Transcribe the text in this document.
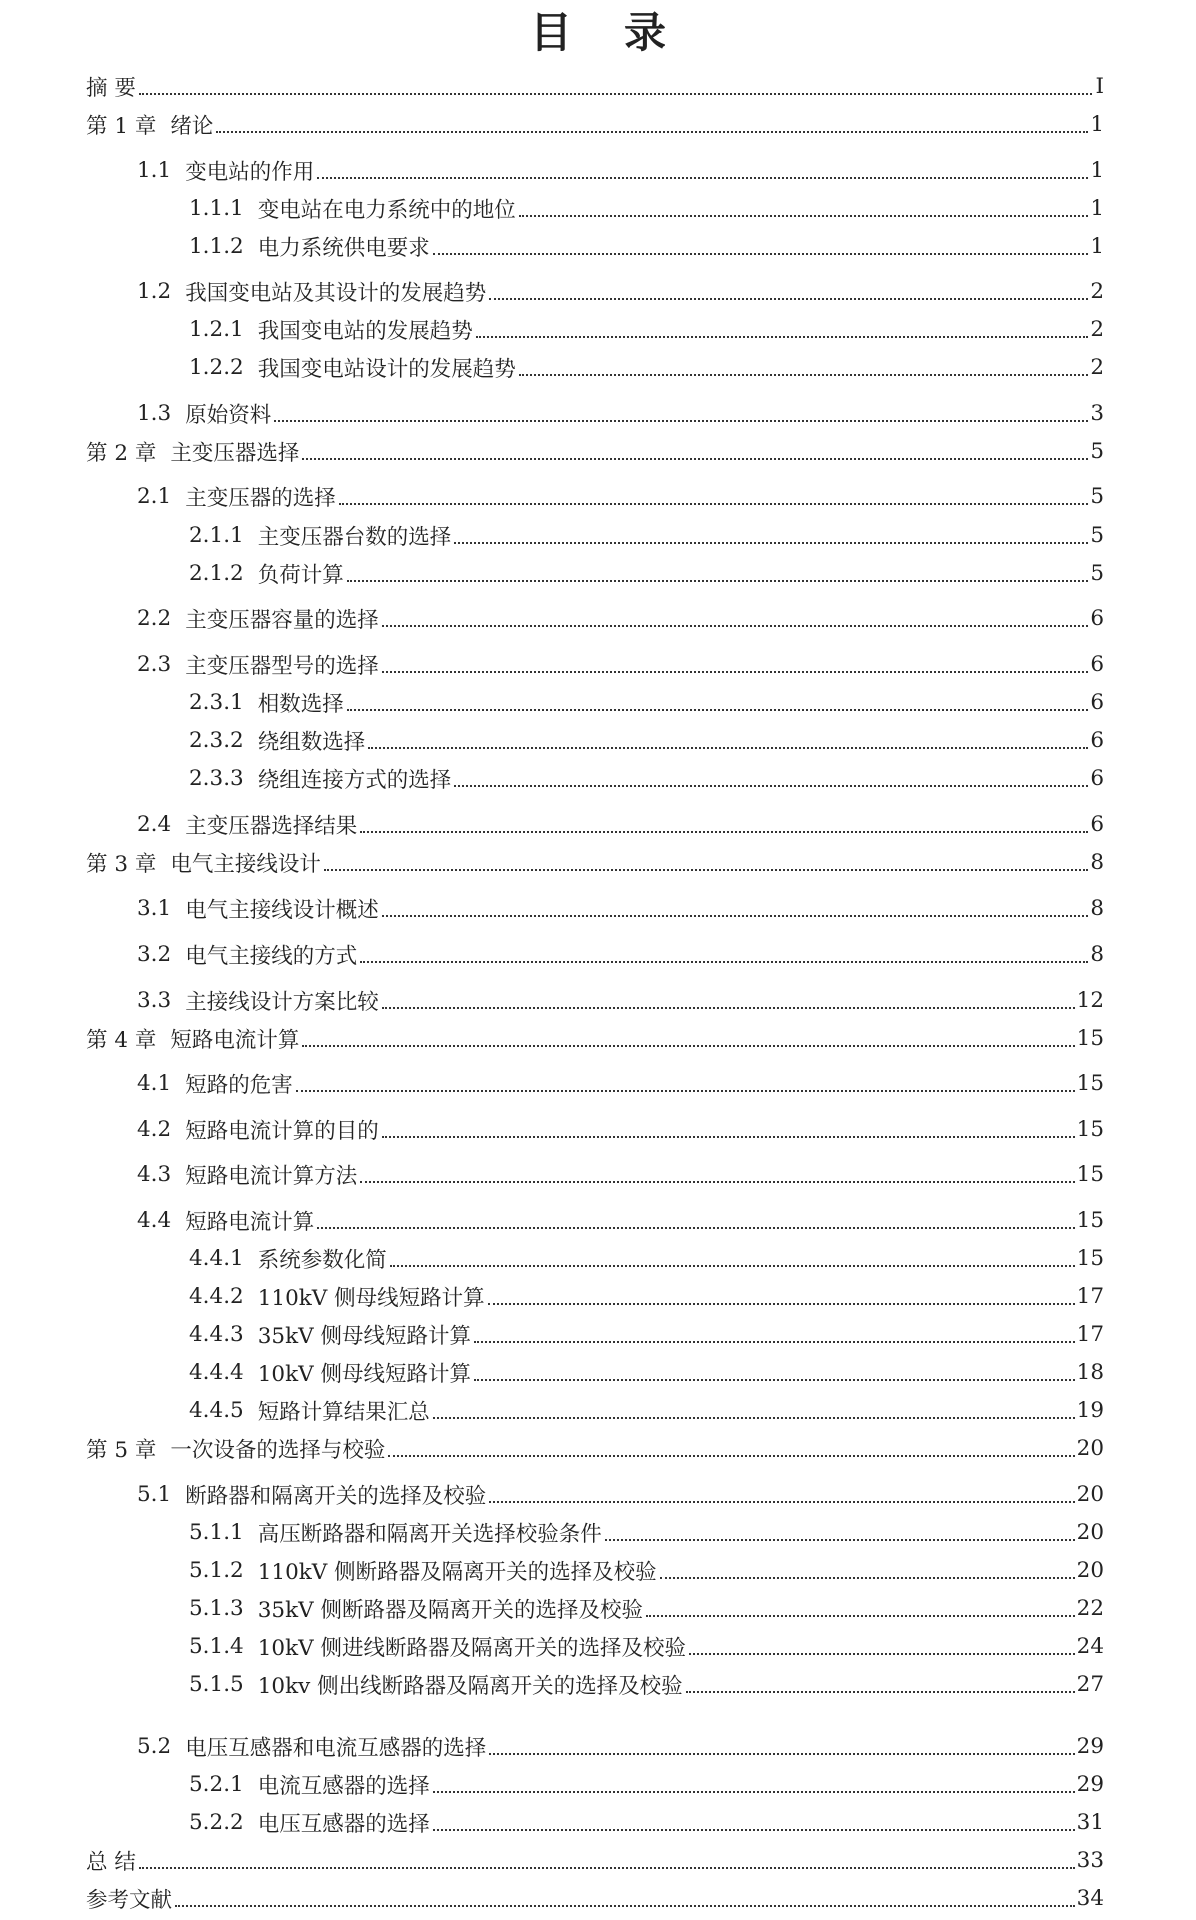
目 录
摘 要	I
第 1 章 绪论	1
1.1 变电站的作用	1
1.1.1 变电站在电力系统中的地位	1
1.1.2 电力系统供电要求	1
1.2 我国变电站及其设计的发展趋势	2
1.2.1 我国变电站的发展趋势	2
1.2.2 我国变电站设计的发展趋势	2
1.3 原始资料	3
第 2 章 主变压器选择	5
2.1 主变压器的选择	5
2.1.1 主变压器台数的选择	5
2.1.2 负荷计算	5
2.2 主变压器容量的选择	6
2.3 主变压器型号的选择	6
2.3.1 相数选择	6
2.3.2 绕组数选择	6
2.3.3 绕组连接方式的选择	6
2.4 主变压器选择结果	6
第 3 章 电气主接线设计	8
3.1 电气主接线设计概述	8
3.2 电气主接线的方式	8
3.3 主接线设计方案比较	12
第 4 章 短路电流计算	15
4.1 短路的危害	15
4.2 短路电流计算的目的	15
4.3 短路电流计算方法	15
4.4 短路电流计算	15
4.4.1 系统参数化简	15
4.4.2 110kV 侧母线短路计算	17
4.4.3 35kV 侧母线短路计算	17
4.4.4 10kV 侧母线短路计算	18
4.4.5 短路计算结果汇总	19
第 5 章 一次设备的选择与校验	20
5.1 断路器和隔离开关的选择及校验	20
5.1.1 高压断路器和隔离开关选择校验条件	20
5.1.2 110kV 侧断路器及隔离开关的选择及校验	20
5.1.3 35kV 侧断路器及隔离开关的选择及校验	22
5.1.4 10kV 侧进线断路器及隔离开关的选择及校验	24
5.1.5 10kv 侧出线断路器及隔离开关的选择及校验	27
5.2 电压互感器和电流互感器的选择	29
5.2.1 电流互感器的选择	29
5.2.2 电压互感器的选择	31
总 结	33
参考文献	34
